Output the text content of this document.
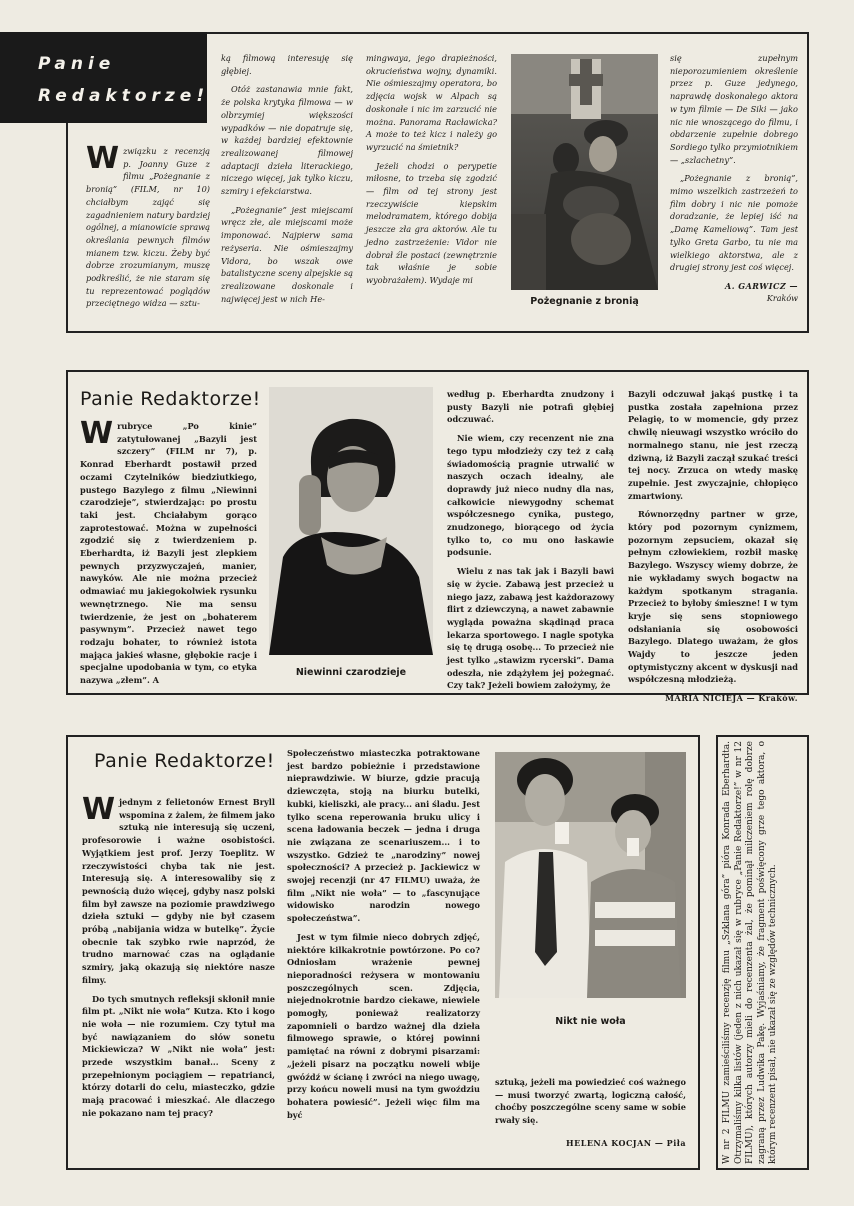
Panie
Redaktorze!

W związku z recenzją p. Joanny Guze z filmu „Pożegnanie z bronią” (FILM, nr 10) chciałbym zająć się zagadnieniem natury bardziej ogólnej, a mianowicie sprawą określania pewnych filmów mianem tzw. kiczu. Żeby być dobrze zrozumianym, muszę podkreślić, że nie staram się tu reprezentować poglądów przeciętnego widza — sztu-

ką filmową interesuję się głębiej.

Otóż zastanawia mnie fakt, że polska krytyka filmowa — w olbrzymiej większości wypadków — nie dopatruje się, w każdej bardziej efektownie zrealizowanej filmowej adaptacji dzieła literackiego, niczego więcej, jak tylko kiczu, szmiry i efekciarstwa.

„Pożegnanie” jest miejscami wręcz złe, ale miejscami może imponować. Najpierw sama reżyseria. Nie ośmieszajmy Vidora, bo wszak owe batalistyczne sceny alpejskie są zrealizowane doskonale i najwięcej jest w nich He-

mingwaya, jego drapieżności, okrucieństwa wojny, dynamiki. Nie ośmieszajmy operatora, bo zdjęcia wojsk w Alpach są doskonałe i nic im zarzucić nie można. Panorama Racławicka? A może to też kicz i należy go wyrzucić na śmietnik?

Jeżeli chodzi o perypetie miłosne, to trzeba się zgodzić — film od tej strony jest rzeczywiście kiepskim melodramatem, którego dobija jeszcze zła gra aktorów. Ale tu jedno zastrzeżenie: Vidor nie dobrał źle postaci (zewnętrznie tak właśnie je sobie wyobrażałem). Wydaje mi

Pożegnanie z bronią

się zupełnym nieporozumieniem określenie przez p. Guze jedynego, naprawdę doskonałego aktora w tym filmie — De Siki — jako nic nie wnoszącego do filmu, i obdarzenie zupełnie dobrego Sordiego tylko przymiotnikiem — „szlachetny”.

„Pożegnanie z bronią”, mimo wszelkich zastrzeżeń to film dobry i nic nie pomoże doradzanie, że lepiej iść na „Damę Kameliową”. Tam jest tylko Greta Garbo, tu nie ma wielkiego aktorstwa, ale z drugiej strony jest coś więcej.

A. GARWICZ —
Kraków
Panie Redaktorze!

W rubryce „Po kinie” zatytułowanej „Bazyli jest szczery” (FILM nr 7), p. Konrad Eberhardt postawił przed oczami Czytelników biedziutkiego, pustego Bazylego z filmu „Niewinni czarodzieje”, stwierdzając: po prostu taki jest. Chciałabym gorąco zaprotestować. Można w zupełności zgodzić się z twierdzeniem p. Eberhardta, iż Bazyli jest zlepkiem pewnych przyzwyczajeń, manier, nawyków. Ale nie można przecież odmawiać mu jakiegokolwiek rysunku wewnętrznego. Nie ma sensu twierdzenie, że jest on „bohaterem pasywnym”. Przecież nawet tego rodzaju bohater, to również istota mająca jakieś własne, głębokie racje i specjalne upodobania w tym, co etyka nazywa „złem”. A

Niewinni czarodzieje

według p. Eberhardta znudzony i pusty Bazyli nie potrafi głębiej odczuwać.

Nie wiem, czy recenzent nie zna tego typu młodzieży czy też z całą świadomością pragnie utrwalić w naszych oczach idealny, ale doprawdy już nieco nudny dla nas, całkowicie niewygodny schemat współczesnego cynika, pustego, znudzonego, biorącego od życia tylko to, co mu ono łaskawie podsunie.

Wielu z nas tak jak i Bazyli bawi się w życie. Zabawą jest przecież u niego jazz, zabawą jest każdorazowy flirt z dziewczyną, a nawet zabawnie wygląda poważna skądinąd praca lekarza sportowego. I nagle spotyka się tę drugą osobę... To przecież nie jest tylko „stawizm rycerski”. Dama odeszła, nie zdążyłem jej pożegnać. Czy tak? Jeżeli bowiem założymy, że

Bazyli odczuwał jakąś pustkę i ta pustka została zapełniona przez Pelagię, to w momencie, gdy przez chwilę nieuwagi wszystko wróciło do normalnego stanu, nie jest rzeczą dziwną, iż Bazyli zaczął szukać treści tej nocy. Zrzuca on wtedy maskę zupełnie. Jest zwyczajnie, chłopięco zmartwiony.

Równorzędny partner w grze, który pod pozornym cynizmem, pozornym zepsuciem, okazał się pełnym człowiekiem, rozbił maskę Bazylego. Wszyscy wiemy dobrze, że nie wykładamy swych bogactw na każdym spotkanym stragania. Przecież to byłoby śmieszne! I w tym kryje się sens stopniowego odsłaniania się osobowości Bazylego. Dlatego uważam, że głos Wajdy to jeszcze jeden optymistyczny akcent w dyskusji nad współczesną młodzieżą.

MARIA NICIEJA — Kraków.
Panie Redaktorze!

W jednym z felietonów Ernest Bryll wspomina z żalem, że filmem jako sztuką nie interesują się uczeni, profesorowie i ważne osobistości. Wyjątkiem jest prof. Jerzy Toeplitz. W rzeczywistości chyba tak nie jest. Interesują się. A interesowaliby się z pewnością dużo więcej, gdyby nasz polski film był zawsze na poziomie prawdziwego dzieła sztuki — gdyby nie był czasem próbą „nabijania widza w butelkę”. Życie obecnie tak szybko rwie naprzód, że trudno marnować czas na oglądanie szmiry, jaką okazują się niektóre nasze filmy.

Do tych smutnych refleksji skłonił mnie film pt. „Nikt nie woła” Kutza. Kto i kogo nie woła — nie rozumiem. Czy tytuł ma być nawiązaniem do słów sonetu Mickiewicza? W „Nikt nie woła” jest: przede wszystkim banał... Sceny z przepełnionym pociągiem — repatrianci, którzy dotarli do celu, miasteczko, gdzie mają pracować i mieszkać. Ale dlaczego nie pokazano nam tej pracy?

Społeczeństwo miasteczka potraktowane jest bardzo pobieżnie i przedstawione nieprawdziwie. W biurze, gdzie pracują dziewczęta, stoją na biurku butelki, kubki, kieliszki, ale pracy... ani śladu. Jest tylko scena reperowania bruku ulicy i scena ładowania beczek — jedna i druga nie związana ze scenariuszem... i to wszystko. Gdzież te „narodziny” nowej społeczności? A przecież p. Jackiewicz w swojej recenzji (nr 47 FILMU) uważa, że film „Nikt nie woła” — to „fascynujące widowisko narodzin nowego społeczeństwa”.

Jest w tym filmie nieco dobrych zdjęć, niektóre kilkakrotnie powtórzone. Po co? Odniosłam wrażenie pewnej nieporadności reżysera w montowaniu poszczególnych scen. Zdjęcia, niejednokrotnie bardzo ciekawe, niewiele pomogły, ponieważ realizatorzy zapomnieli o bardzo ważnej dla dzieła filmowego sprawie, o której powinni pamiętać na równi z dobrymi pisarzami: „jeżeli pisarz na początku noweli wbije gwóźdź w ścianę i zwróci na niego uwagę, przy końcu noweli musi na tym gwoździu bohatera powiesić”. Jeżeli więc film ma być

Nikt nie woła

sztuką, jeżeli ma powiedzieć coś ważnego — musi tworzyć zwartą, logiczną całość, choćby poszczególne sceny same w sobie rwały się.

HELENA KOCJAN — Piła	W nr 2 FILMU zamieściliśmy recenzję filmu „Szklana góra” pióra Konrada Eberhardta. Otrzymaliśmy kilka listów (jeden z nich ukazał się w rubryce „Panie Redaktorze!” w nr 12 FILMU), których autorzy mieli do recenzenta żal, że pominął milczeniem rolę dobrze zagraną przez Ludwika Pakę. Wyjaśniamy, że fragment poświęcony grze tego aktora, o którym recenzent pisał, nie ukazał się ze względów technicznych.
